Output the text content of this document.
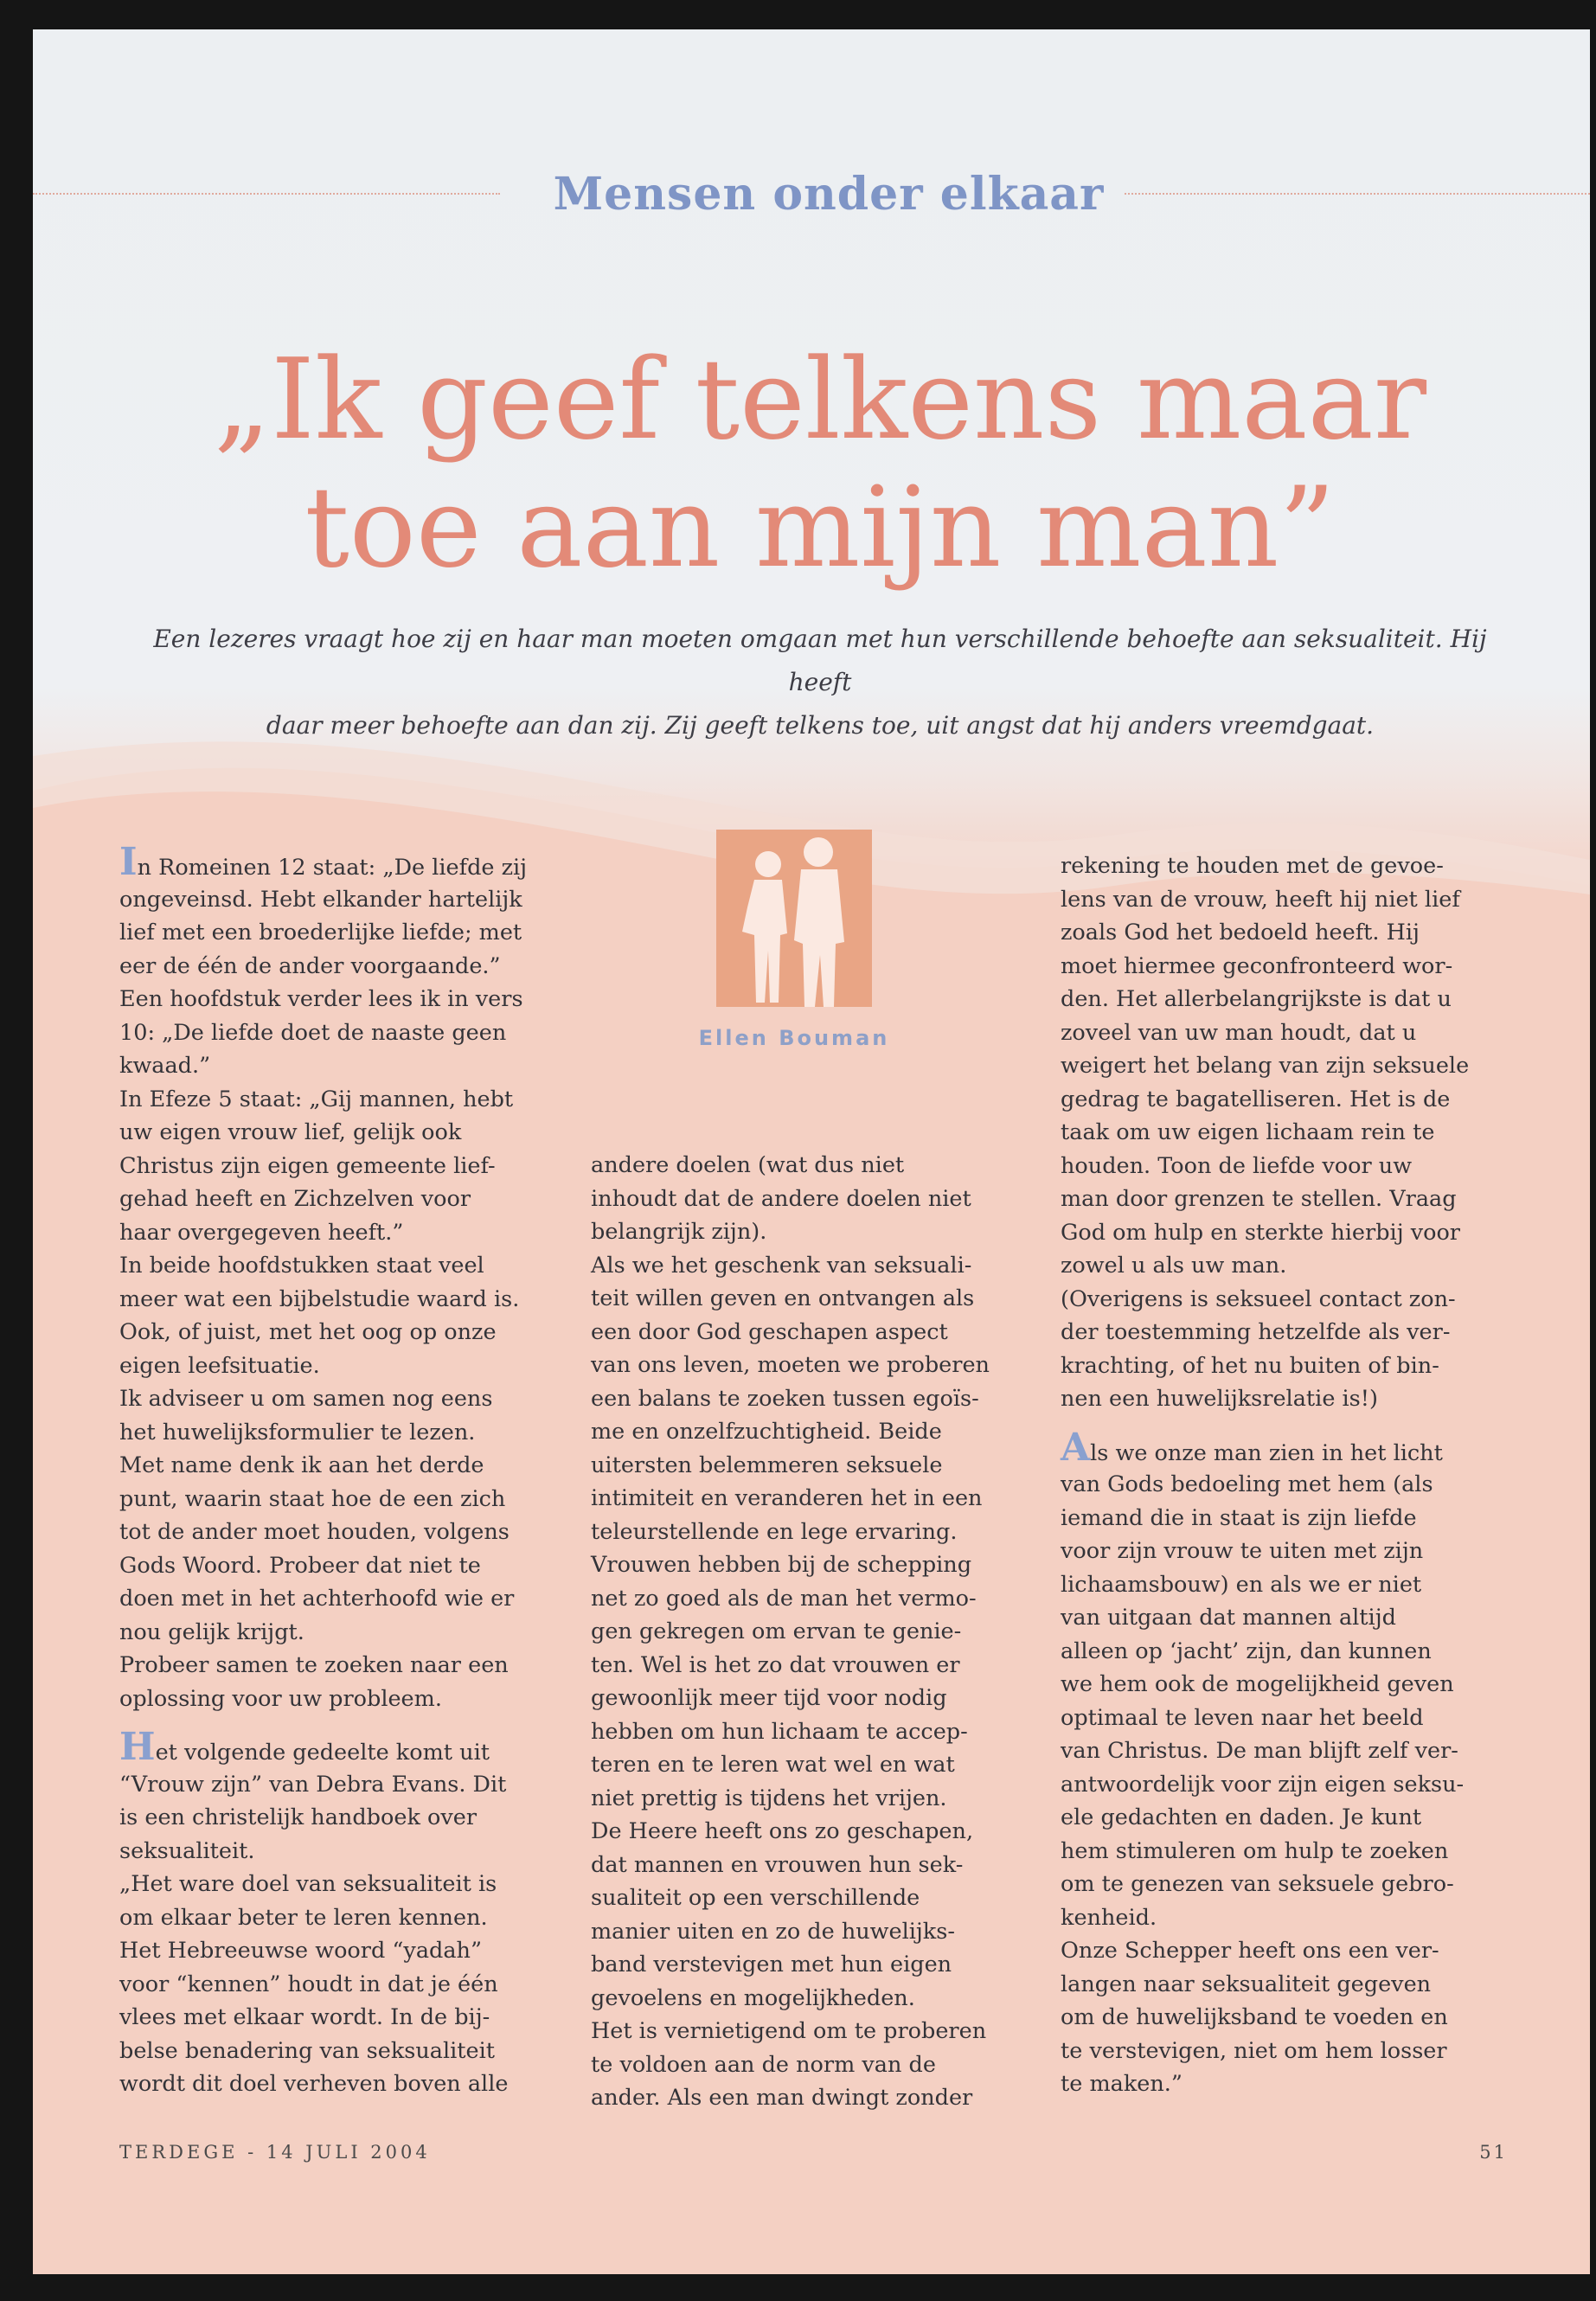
Mensen onder elkaar
„Ik geef telkens maar
toe aan mijn man”
Een lezeres vraagt hoe zij en haar man moeten omgaan met hun verschillende behoefte aan seksualiteit. Hij heeft
daar meer behoefte aan dan zij. Zij geeft telkens toe, uit angst dat hij anders vreemdgaat.
In Romeinen 12 staat: „De liefde zij
ongeveinsd. Hebt elkander hartelijk
lief met een broederlijke liefde; met
eer de één de ander voorgaande.”
Een hoofdstuk verder lees ik in vers
10: „De liefde doet de naaste geen
kwaad.”
In Efeze 5 staat: „Gij mannen, hebt
uw eigen vrouw lief, gelijk ook
Christus zijn eigen gemeente lief-
gehad heeft en Zichzelven voor
haar overgegeven heeft.”
In beide hoofdstukken staat veel
meer wat een bijbelstudie waard is.
Ook, of juist, met het oog op onze
eigen leefsituatie.
Ik adviseer u om samen nog eens
het huwelijksformulier te lezen.
Met name denk ik aan het derde
punt, waarin staat hoe de een zich
tot de ander moet houden, volgens
Gods Woord. Probeer dat niet te
doen met in het achterhoofd wie er
nou gelijk krijgt.
Probeer samen te zoeken naar een
oplossing voor uw probleem.
Het volgende gedeelte komt uit
“Vrouw zijn” van Debra Evans. Dit
is een christelijk handboek over
seksualiteit.
„Het ware doel van seksualiteit is
om elkaar beter te leren kennen.
Het Hebreeuwse woord “yadah”
voor “kennen” houdt in dat je één
vlees met elkaar wordt. In de bij-
belse benadering van seksualiteit
wordt dit doel verheven boven alle
Ellen Bouman
andere doelen (wat dus niet
inhoudt dat de andere doelen niet
belangrijk zijn).
Als we het geschenk van seksuali-
teit willen geven en ontvangen als
een door God geschapen aspect
van ons leven, moeten we proberen
een balans te zoeken tussen egoïs-
me en onzelfzuchtigheid. Beide
uitersten belemmeren seksuele
intimiteit en veranderen het in een
teleurstellende en lege ervaring.
Vrouwen hebben bij de schepping
net zo goed als de man het vermo-
gen gekregen om ervan te genie-
ten. Wel is het zo dat vrouwen er
gewoonlijk meer tijd voor nodig
hebben om hun lichaam te accep-
teren en te leren wat wel en wat
niet prettig is tijdens het vrijen.
De Heere heeft ons zo geschapen,
dat mannen en vrouwen hun sek-
sualiteit op een verschillende
manier uiten en zo de huwelijks-
band verstevigen met hun eigen
gevoelens en mogelijkheden.
Het is vernietigend om te proberen
te voldoen aan de norm van de
ander. Als een man dwingt zonder
rekening te houden met de gevoe-
lens van de vrouw, heeft hij niet lief
zoals God het bedoeld heeft. Hij
moet hiermee geconfronteerd wor-
den. Het allerbelangrijkste is dat u
zoveel van uw man houdt, dat u
weigert het belang van zijn seksuele
gedrag te bagatelliseren. Het is de
taak om uw eigen lichaam rein te
houden. Toon de liefde voor uw
man door grenzen te stellen. Vraag
God om hulp en sterkte hierbij voor
zowel u als uw man.
(Overigens is seksueel contact zon-
der toestemming hetzelfde als ver-
krachting, of het nu buiten of bin-
nen een huwelijksrelatie is!)
Als we onze man zien in het licht
van Gods bedoeling met hem (als
iemand die in staat is zijn liefde
voor zijn vrouw te uiten met zijn
lichaamsbouw) en als we er niet
van uitgaan dat mannen altijd
alleen op ‘jacht’ zijn, dan kunnen
we hem ook de mogelijkheid geven
optimaal te leven naar het beeld
van Christus. De man blijft zelf ver-
antwoordelijk voor zijn eigen seksu-
ele gedachten en daden. Je kunt
hem stimuleren om hulp te zoeken
om te genezen van seksuele gebro-
kenheid.
Onze Schepper heeft ons een ver-
langen naar seksualiteit gegeven
om de huwelijksband te voeden en
te verstevigen, niet om hem losser
te maken.”
TERDEGE - 14 JULI 2004	51
